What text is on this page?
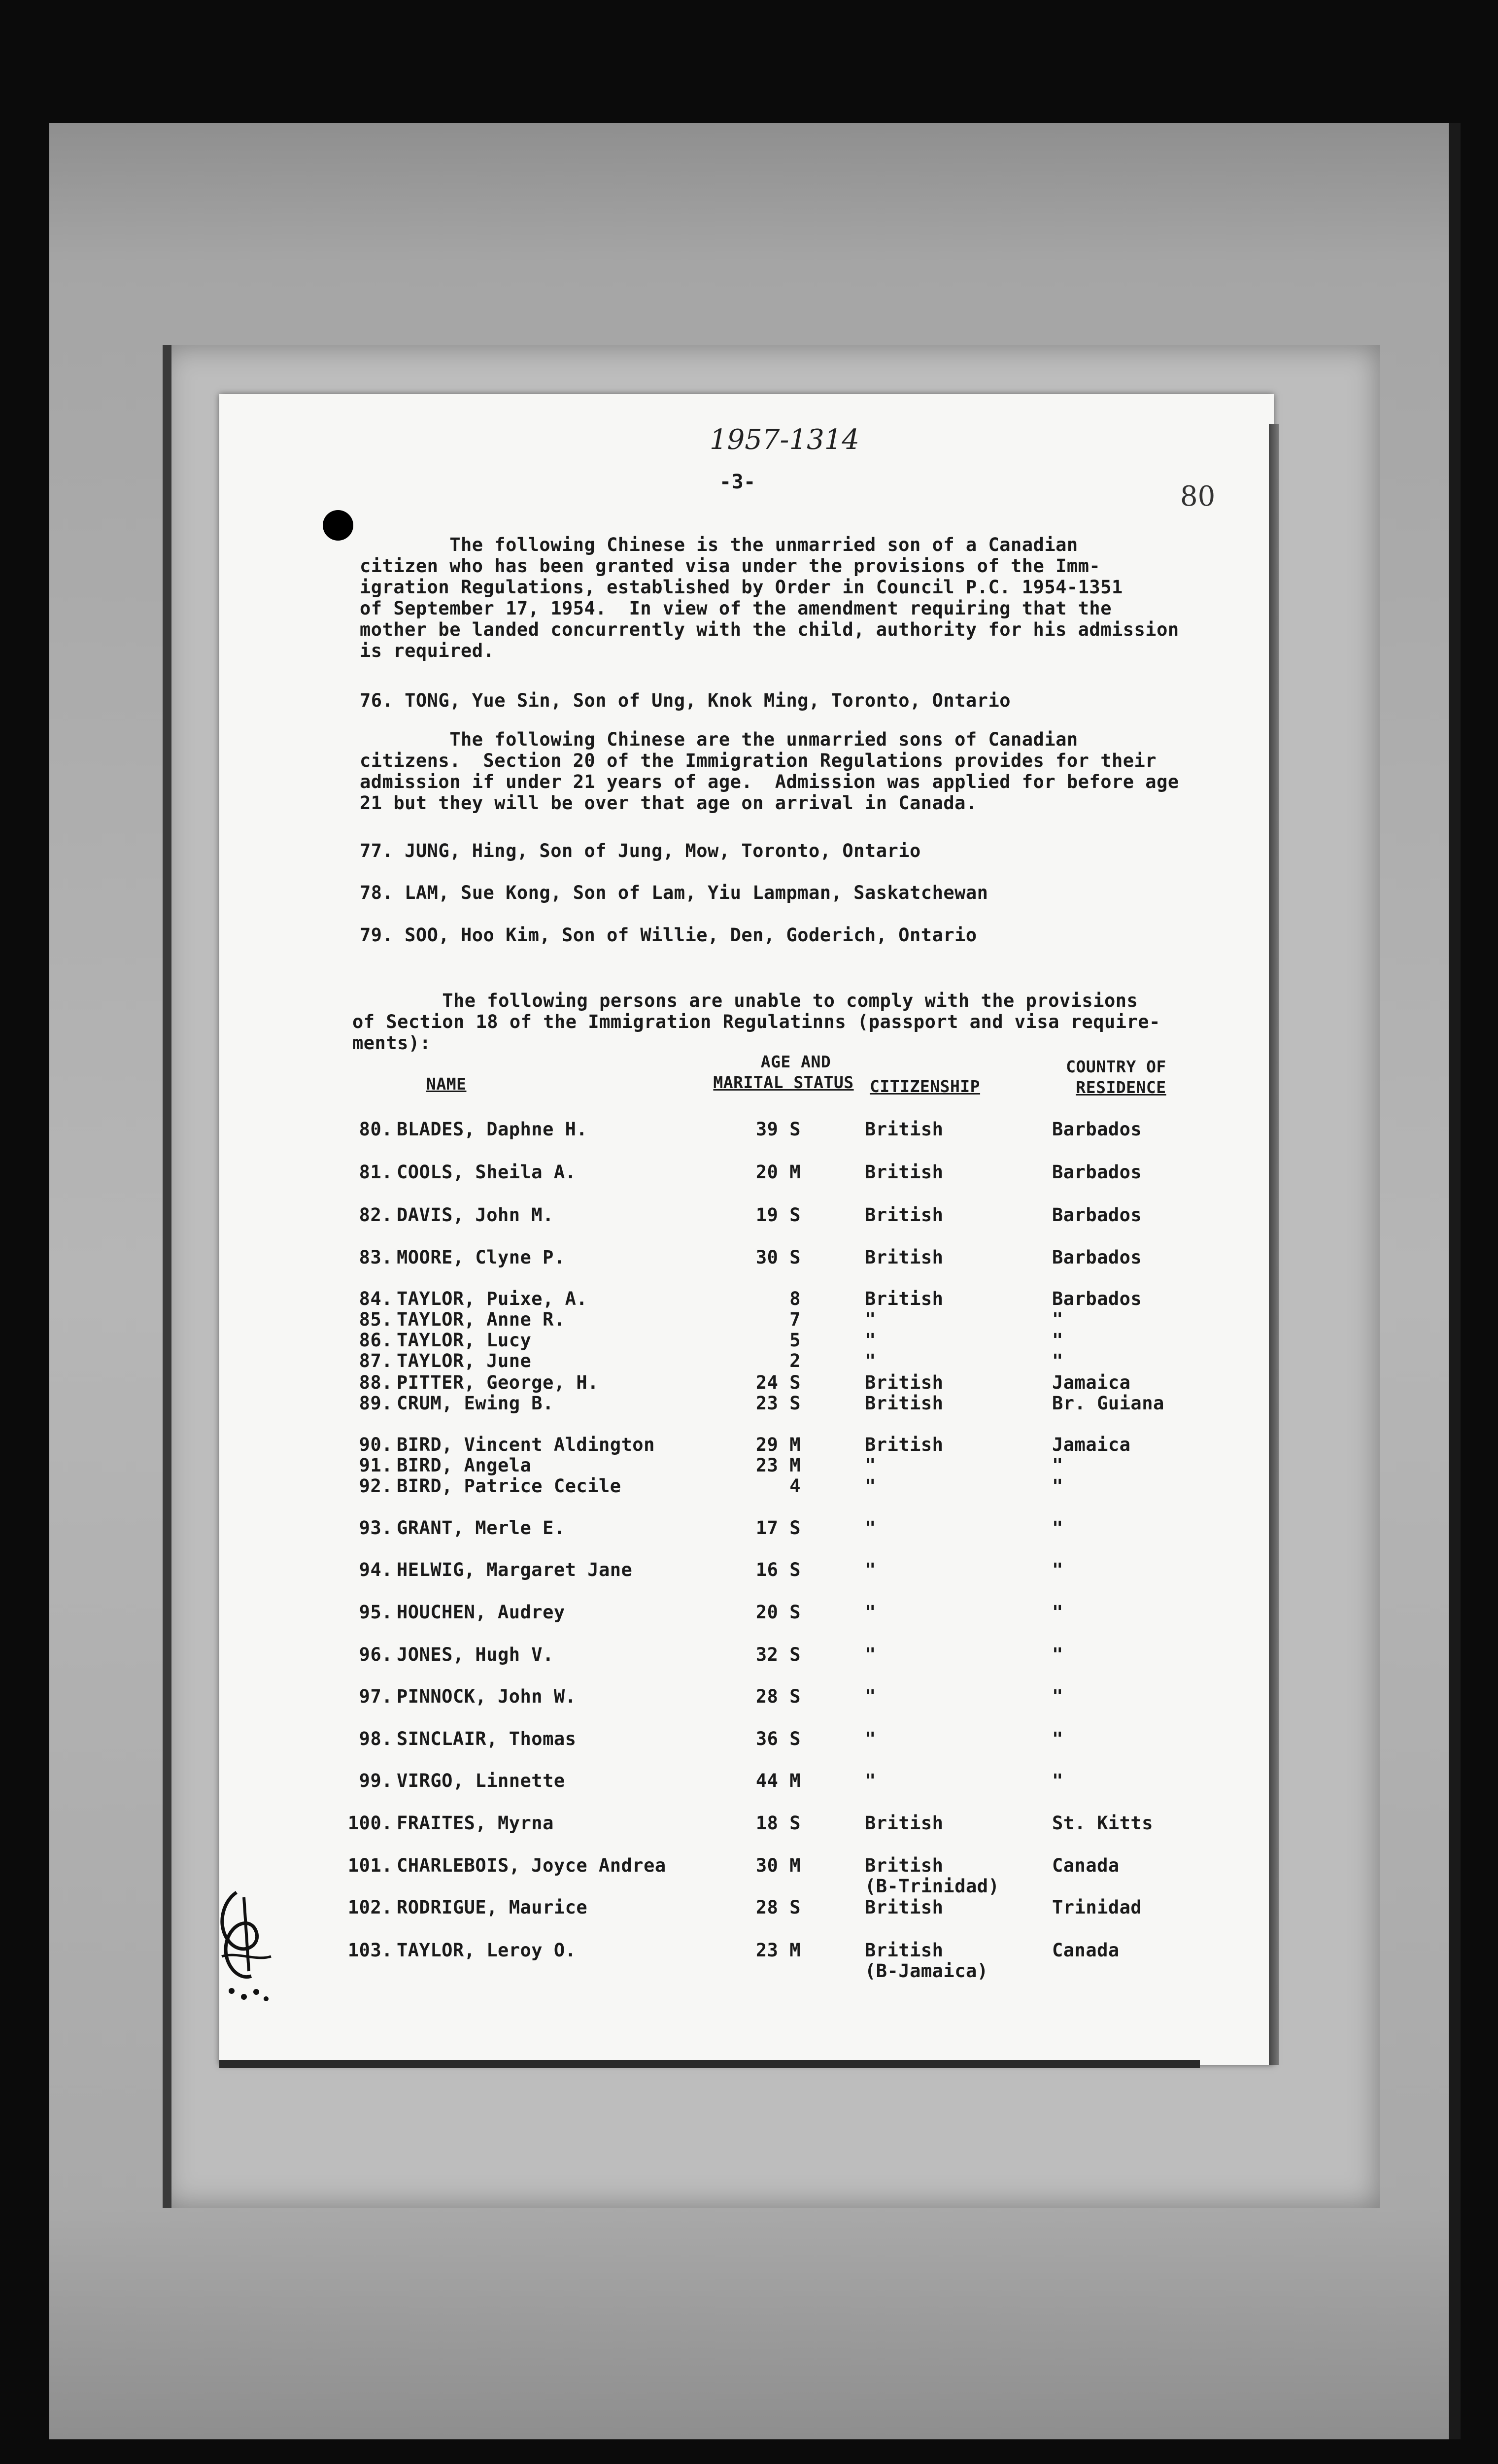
1957-1314
-3-	80
The following Chinese is the unmarried son of a Canadian
citizen who has been granted visa under the provisions of the Imm-
igration Regulations, established by Order in Council P.C. 1954-1351
of September 17, 1954.  In view of the amendment requiring that the
mother be landed concurrently with the child, authority for his admission
is required.
76. TONG, Yue Sin, Son of Ung, Knok Ming, Toronto, Ontario
The following Chinese are the unmarried sons of Canadian
citizens.  Section 20 of the Immigration Regulations provides for their
admission if under 21 years of age.  Admission was applied for before age
21 but they will be over that age on arrival in Canada.
77. JUNG, Hing, Son of Jung, Mow, Toronto, Ontario
78. LAM, Sue Kong, Son of Lam, Yiu Lampman, Saskatchewan
79. SOO, Hoo Kim, Son of Willie, Den, Goderich, Ontario
The following persons are unable to comply with the provisions
of Section 18 of the Immigration Regulatinns (passport and visa require-
ments):
NAME
AGE AND
MARITAL STATUS CITIZENSHIP
COUNTRY OF
RESIDENCE
80. BLADES, Daphne H.	39 S	British	Barbados
81. COOLS, Sheila A.	20 M	British	Barbados
82. DAVIS, John M.	19 S	British	Barbados
83. MOORE, Clyne P.	30 S	British	Barbados
84. TAYLOR, Puixe, A.	8	British	Barbados
85. TAYLOR, Anne R.	7	"	"
86. TAYLOR, Lucy	5	"	"
87. TAYLOR, June	2	"	"
88. PITTER, George, H.	24 S	British	Jamaica
89. CRUM, Ewing B.	23 S	British	Br. Guiana
90. BIRD, Vincent Aldington	29 M	British	Jamaica
91. BIRD, Angela	23 M	"	"
92. BIRD, Patrice Cecile	4	"	"
93. GRANT, Merle E.	17 S	"	"
94. HELWIG, Margaret Jane	16 S	"	"
95. HOUCHEN, Audrey	20 S	"	"
96. JONES, Hugh V.	32 S	"	"
97. PINNOCK, John W.	28 S	"	"
98. SINCLAIR, Thomas	36 S	"	"
99. VIRGO, Linnette	44 M	"	"
100. FRAITES, Myrna	18 S	British	St. Kitts
101. CHARLEBOIS, Joyce Andrea	30 M	British	Canada
(B-Trinidad)
102. RODRIGUE, Maurice	28 S	British	Trinidad
103. TAYLOR, Leroy O.	23 M	British	Canada
(B-Jamaica)
